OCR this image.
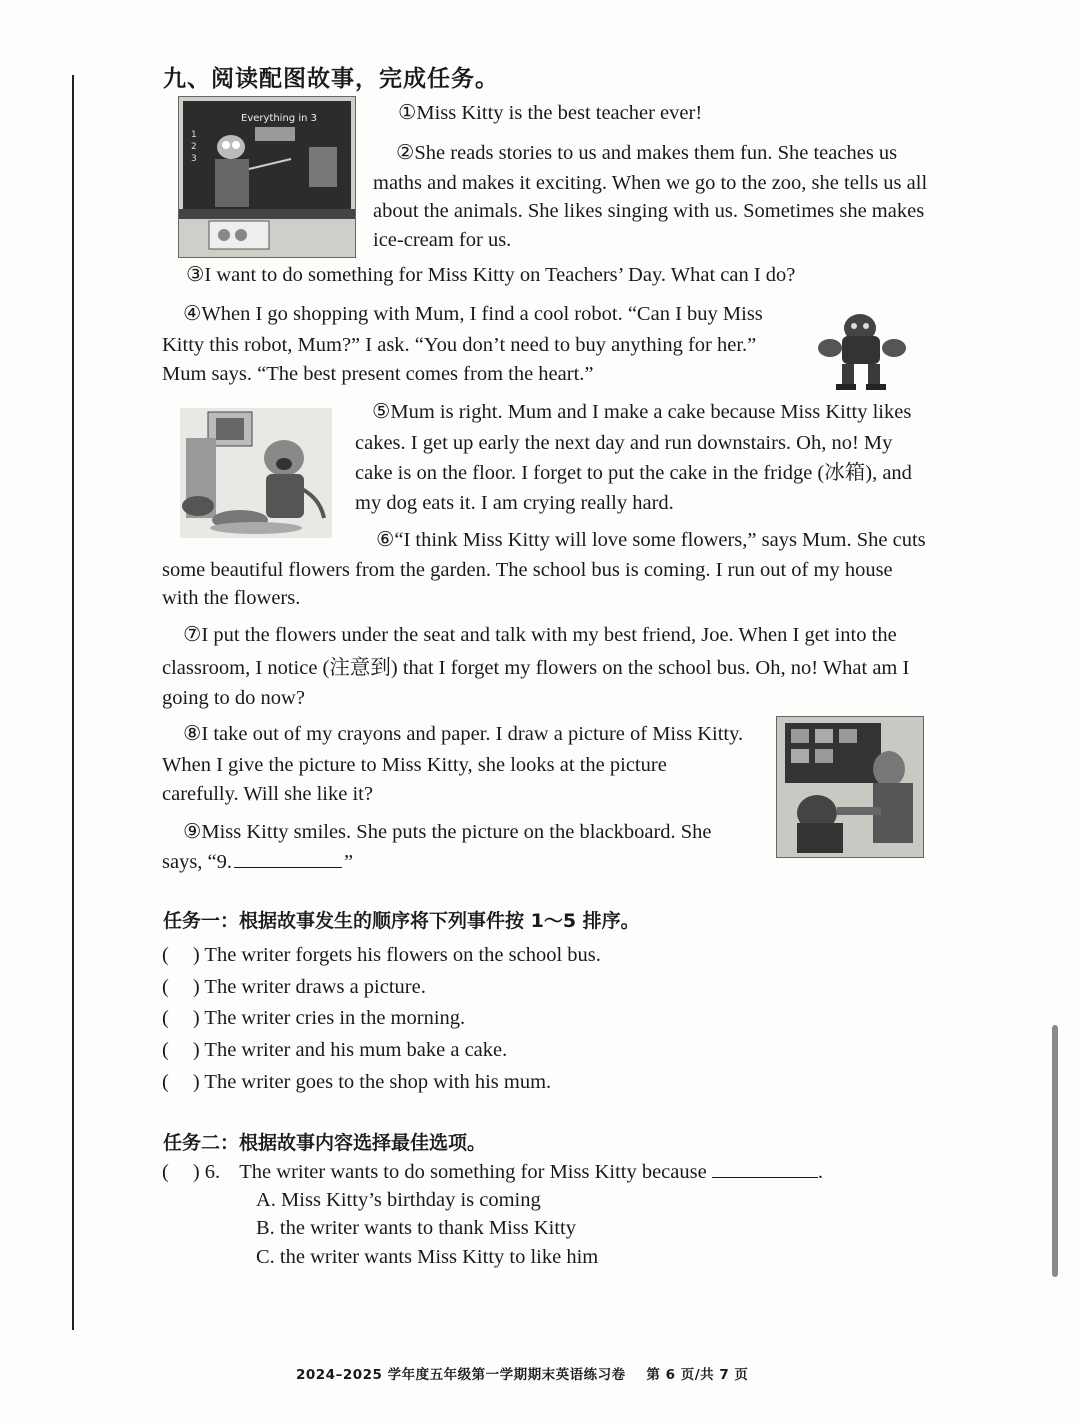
九、阅读配图故事，完成任务。
Everything in 3
1
2
3
①Miss Kitty is the best teacher ever!
②She reads stories to us and makes them fun. She teaches us
maths and makes it exciting. When we go to the zoo, she tells us all
about the animals. She likes singing with us. Sometimes she makes
ice-cream for us.
③I want to do something for Miss Kitty on Teachers’ Day. What can I do?
④When I go shopping with Mum, I find a cool robot. “Can I buy Miss
Kitty this robot, Mum?” I ask. “You don’t need to buy anything for her.”
Mum says. “The best present comes from the heart.”
⑤Mum is right. Mum and I make a cake because Miss Kitty likes
cakes. I get up early the next day and run downstairs. Oh, no! My
cake is on the floor. I forget to put the cake in the fridge (冰箱), and
my dog eats it. I am crying really hard.
⑥“I think Miss Kitty will love some flowers,” says Mum. She cuts
some beautiful flowers from the garden. The school bus is coming. I run out of my house
with the flowers.
⑦I put the flowers under the seat and talk with my best friend, Joe. When I get into the
classroom, I notice (注意到) that I forget my flowers on the school bus. Oh, no! What am I
going to do now?
⑧I take out of my crayons and paper. I draw a picture of Miss Kitty.
When I give the picture to Miss Kitty, she looks at the picture
carefully. Will she like it?
⑨Miss Kitty smiles. She puts the picture on the blackboard. She
says, “9.	”
任务一：根据故事发生的顺序将下列事件按 1～5 排序。
( ) The writer forgets his flowers on the school bus.
( ) The writer draws a picture.
( ) The writer cries in the morning.
( ) The writer and his mum bake a cake.
( ) The writer goes to the shop with his mum.
任务二：根据故事内容选择最佳选项。
( ) 6. The writer wants to do something for Miss Kitty because	.
A. Miss Kitty’s birthday is coming
B. the writer wants to thank Miss Kitty
C. the writer wants Miss Kitty to like him
2024–2025 学年度五年级第一学期期末英语练习卷    第 6 页/共 7 页
